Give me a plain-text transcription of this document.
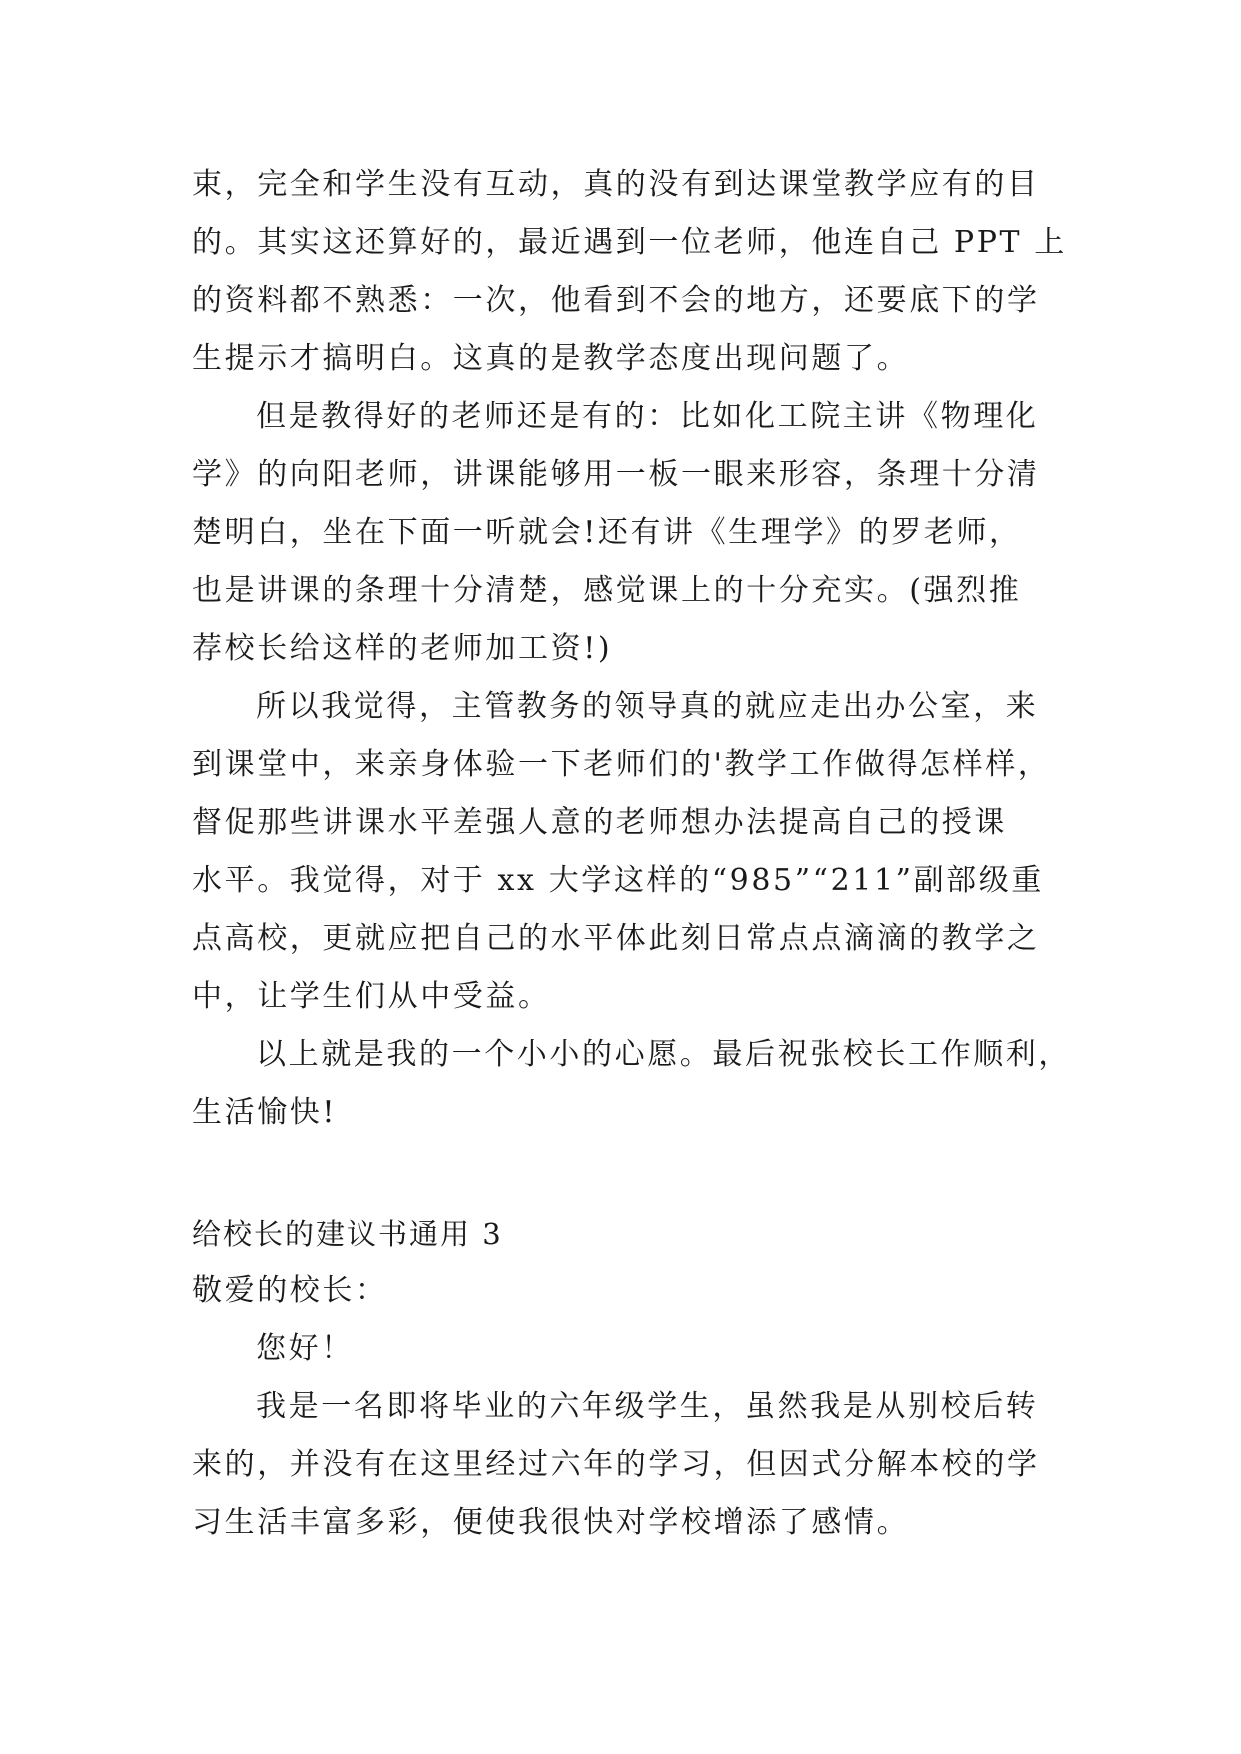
束，完全和学生没有互动，真的没有到达课堂教学应有的目
的。其实这还算好的，最近遇到一位老师，他连自己 PPT 上
的资料都不熟悉：一次，他看到不会的地方，还要底下的学
生提示才搞明白。这真的是教学态度出现问题了。

但是教得好的老师还是有的：比如化工院主讲《物理化
学》的向阳老师，讲课能够用一板一眼来形容，条理十分清
楚明白，坐在下面一听就会!还有讲《生理学》的罗老师，
也是讲课的条理十分清楚，感觉课上的十分充实。(强烈推
荐校长给这样的老师加工资!)

所以我觉得，主管教务的领导真的就应走出办公室，来
到课堂中，来亲身体验一下老师们的'教学工作做得怎样样，
督促那些讲课水平差强人意的老师想办法提高自己的授课
水平。我觉得，对于 xx 大学这样的“985”“211”副部级重
点高校，更就应把自己的水平体此刻日常点点滴滴的教学之
中，让学生们从中受益。

以上就是我的一个小小的心愿。最后祝张校长工作顺利，
生活愉快!

给校长的建议书通用 3

敬爱的校长：

您好！

我是一名即将毕业的六年级学生，虽然我是从别校后转
来的，并没有在这里经过六年的学习，但因式分解本校的学
习生活丰富多彩，便使我很快对学校增添了感情。
